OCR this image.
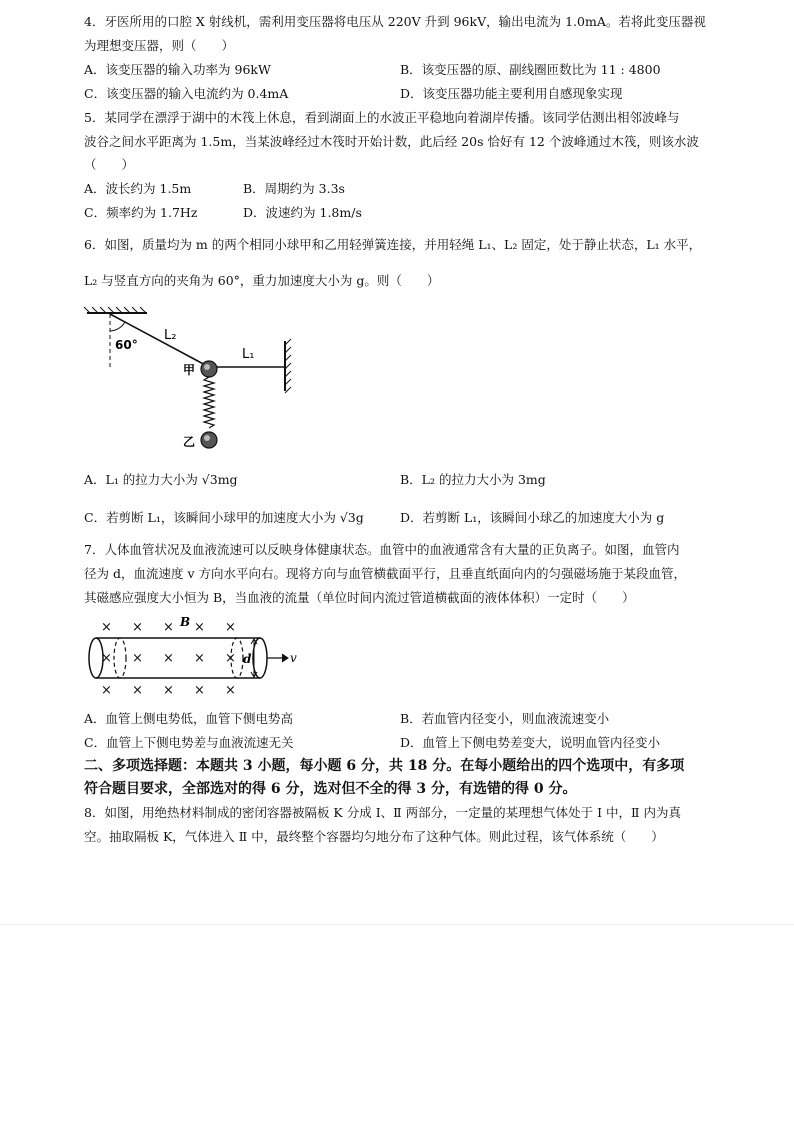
4．牙医所用的口腔 X 射线机，需利用变压器将电压从 220V 升到 96kV，输出电流为 1.0mA。若将此变压器视
为理想变压器，则（　　）
A．该变压器的输入功率为 96kW	B．该变压器的原、副线圈匝数比为 11 : 4800
C．该变压器的输入电流约为 0.4mA	D．该变压器功能主要利用自感现象实现
5．某同学在漂浮于湖中的木筏上休息，看到湖面上的水波正平稳地向着湖岸传播。该同学估测出相邻波峰与
波谷之间水平距离为 1.5m，当某波峰经过木筏时开始计数，此后经 20s 恰好有 12 个波峰通过木筏，则该水波
（　　）
A．波长约为 1.5m	B．周期约为 3.3s
C．频率约为 1.7Hz	D．波速约为 1.8m/s
6．如图，质量均为 m 的两个相同小球甲和乙用轻弹簧连接，并用轻绳 L₁、L₂ 固定，处于静止状态，L₁ 水平，
L₂ 与竖直方向的夹角为 60°，重力加速度大小为 g。则（　　）
60°
L₂
L₁
甲
乙
A．L₁ 的拉力大小为 √3mg	B．L₂ 的拉力大小为 3mg
C．若剪断 L₁，该瞬间小球甲的加速度大小为 √3g	D．若剪断 L₁，该瞬间小球乙的加速度大小为 g
7．人体血管状况及血液流速可以反映身体健康状态。血管中的血液通常含有大量的正负离子。如图，血管内
径为 d，血流速度 v 方向水平向右。现将方向与血管横截面平行，且垂直纸面向内的匀强磁场施于某段血管，
其磁感应强度大小恒为 B，当血液的流量（单位时间内流过管道横截面的液体体积）一定时（　　）
× × × × ×
× × × × ×
× × × × ×
B
d	v
A．血管上侧电势低，血管下侧电势高	B．若血管内径变小，则血液流速变小
C．血管上下侧电势差与血液流速无关	D．血管上下侧电势差变大，说明血管内径变小
二、多项选择题：本题共 3 小题，每小题 6 分，共 18 分。在每小题给出的四个选项中，有多项
符合题目要求，全部选对的得 6 分，选对但不全的得 3 分，有选错的得 0 分。
8．如图，用绝热材料制成的密闭容器被隔板 K 分成 Ⅰ、Ⅱ 两部分，一定量的某理想气体处于 Ⅰ 中，Ⅱ 内为真
空。抽取隔板 K，气体进入 Ⅱ 中，最终整个容器均匀地分布了这种气体。则此过程，该气体系统（　　）
